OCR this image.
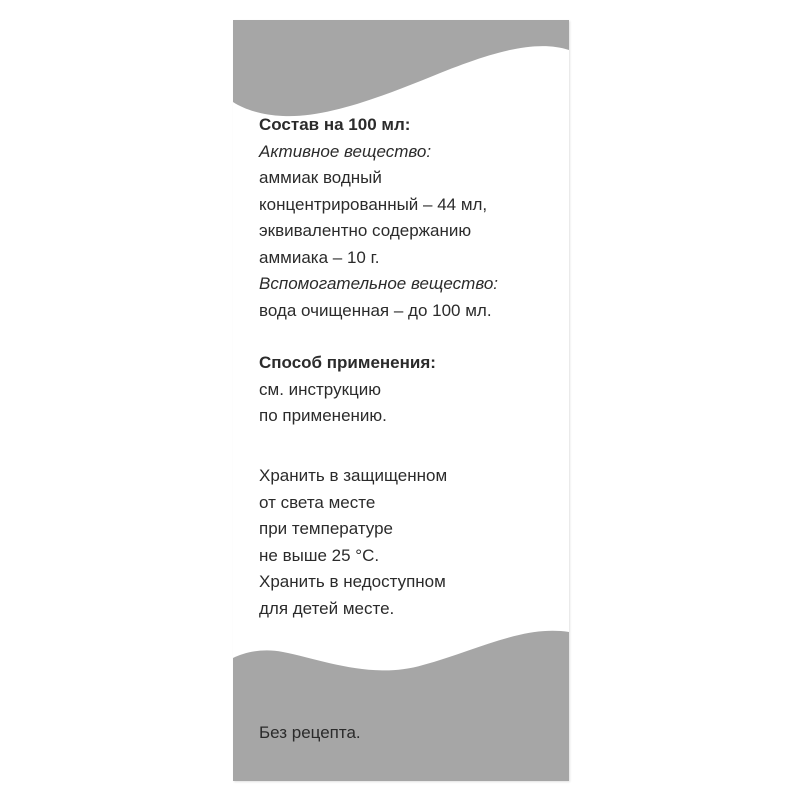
Состав на 100 мл:
Активное вещество:
аммиак водный
концентрированный – 44 мл,
эквивалентно содержанию
аммиака – 10 г.
Вспомогательное вещество:
вода очищенная – до 100 мл.
Способ применения:
см. инструкцию
по применению.
Хранить в защищенном
от света месте
при температуре
не выше 25 °С.
Хранить в недоступном
для детей месте.
Без рецепта.
